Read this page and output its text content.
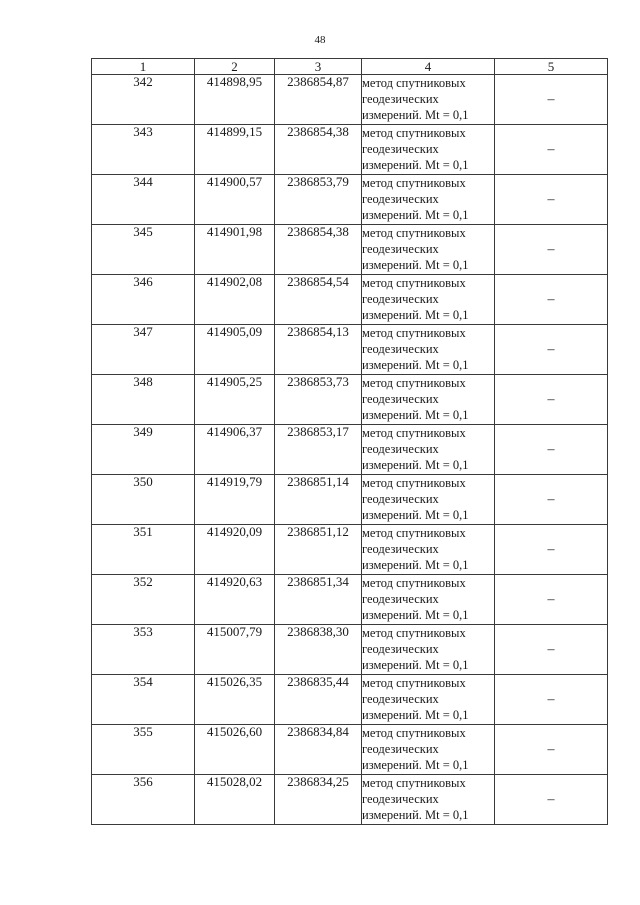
48
1	2	3	4	5
342	414898,95	2386854,87	метод спутниковых
геодезических
измерений. Mt = 0,1	–
343	414899,15	2386854,38	метод спутниковых
геодезических
измерений. Mt = 0,1	–
344	414900,57	2386853,79	метод спутниковых
геодезических
измерений. Mt = 0,1	–
345	414901,98	2386854,38	метод спутниковых
геодезических
измерений. Mt = 0,1	–
346	414902,08	2386854,54	метод спутниковых
геодезических
измерений. Mt = 0,1	–
347	414905,09	2386854,13	метод спутниковых
геодезических
измерений. Mt = 0,1	–
348	414905,25	2386853,73	метод спутниковых
геодезических
измерений. Mt = 0,1	–
349	414906,37	2386853,17	метод спутниковых
геодезических
измерений. Mt = 0,1	–
350	414919,79	2386851,14	метод спутниковых
геодезических
измерений. Mt = 0,1	–
351	414920,09	2386851,12	метод спутниковых
геодезических
измерений. Mt = 0,1	–
352	414920,63	2386851,34	метод спутниковых
геодезических
измерений. Mt = 0,1	–
353	415007,79	2386838,30	метод спутниковых
геодезических
измерений. Mt = 0,1	–
354	415026,35	2386835,44	метод спутниковых
геодезических
измерений. Mt = 0,1	–
355	415026,60	2386834,84	метод спутниковых
геодезических
измерений. Mt = 0,1	–
356	415028,02	2386834,25	метод спутниковых
геодезических
измерений. Mt = 0,1	–
